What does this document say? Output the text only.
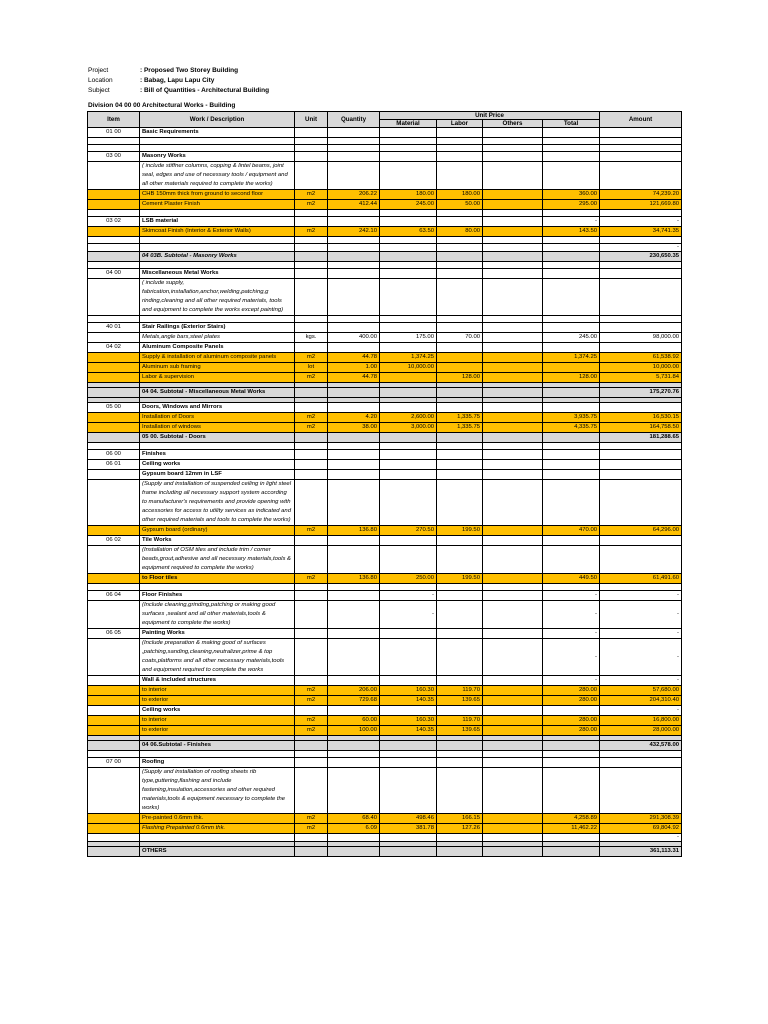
Project	: Proposed Two Storey Building
Location	: Babag, Lapu Lapu City
Subject	: Bill of Quantities - Architectural Building
Division 04 00 00 Architectural Works - Building
Item	Work / Description	Unit	Quantity	Unit Price				Amount
				Material	Labor	Others	Total	
01 00	Basic Requirements							

03 00	Masonry Works							
	( include stiffner columns, copping & lintel beams, joint seal, edges and use of necessary tools / equipment and all other materials required to complete the works)							
	CHB 150mm thick from ground to second floor	m2	206.22	180.00	180.00		360.00	74,239.20
	Cement Plaster Finish	m2	412.44	245.00	50.00		295.00	121,669.80

03 02	LSB material						-	-
	Skimcoat Finish (Interior & Exterior Walls)	m2	242.10	63.50	80.00		143.50	34,741.35

								-
	04 03B. Subtotal - Masonry Works							230,650.35

04 00	Miscellaneous Metal Works							
	( include supply, fabrication,installation,anchor,welding,patching,g rinding,cleaning and all other required materials, tools and equipment to complete the works except painting)							

40 01	Stair Railings (Exterior Stairs)							
	Metals,angle bars,steel plates	kgs.	400.00	175.00	70.00		245.00	98,000.00
04 02	Aluminum Composite Panels							
	Supply & installation of aluminum composite panels	m2	44.78	1,374.25			1,374.25	61,538.92
	Aluminum sub framing	lot	1.00	10,000.00				10,000.00
	Labor & supervision	m2	44.78		128.00		128.00	5,731.84

	04 04. Subtotal - Miscellaneous Metal Works							175,270.76

05 00	Doors, Windows and Mirrors							
	Installation of Doors	m2	4.20	2,600.00	1,335.75		3,935.75	16,530.15
	Installation of windows	m2	38.00	3,000.00	1,335.75		4,335.75	164,758.50
	05 00. Subtotal - Doors							181,288.65

06 00	Finishes							
06 01	Ceiling works							
	Gypsum board 12mm in LSF							
	(Supply and installation of suspended ceiling in light steel frame including all necessary support system according to manufacturer's requirements and provide opening with accessories for access to utility services as indicated and other required materials and tools to complete the works)							
	Gypsum board (ordinary)	m2	136.80	270.50	199.50		470.00	64,296.00
06 02	Tile Works							
	(Installation of OSM tiles and include trim / corner beads,grout,adhesive and all necessary materials,tools & equipment required to complete the works)							
	to Floor tiles	m2	136.80	250.00	199.50		449.50	61,491.60

06 04	Floor Finishes			-			-	-
	(Include cleaning,grinding,patching or making good surfaces ,sealant and all other materials,tools & equipment to complete the works)			-			-	-
06 05	Painting Works						-	-
	(Include preparation & making good of surfaces ,patching,sanding,cleaning,neutralizer,prime & top coats,platforms and all other necessary materials,tools and equipment required to complete the works						-	-
	Wall & included structures						-	-
	to interior	m2	206.00	160.30	119.70		280.00	57,680.00
	to exterior	m2	729.68	140.35	139.65		280.00	204,310.40
	Ceiling works							-
	to interior	m2	60.00	160.30	119.70		280.00	16,800.00
	to exterior	m2	100.00	140.35	139.65		280.00	28,000.00

	04 06.Subtotal - Finishes							432,578.00

07 00	Roofing							
	(Supply and installation of roofing sheets rib type,guttering,flashing and include fastening,insulation,accessories and other required materials,tools & equipment necessary to complete the works)							
	Pre-painted 0.6mm thk.	m2	68.40	498.46	166.15		4,258.89	291,308.39
	Flashing Prepainted 0.6mm thk.	m2	6.09	381.78	127.26		11,462.22	69,804.92
								-

	OTHERS							361,113.31
